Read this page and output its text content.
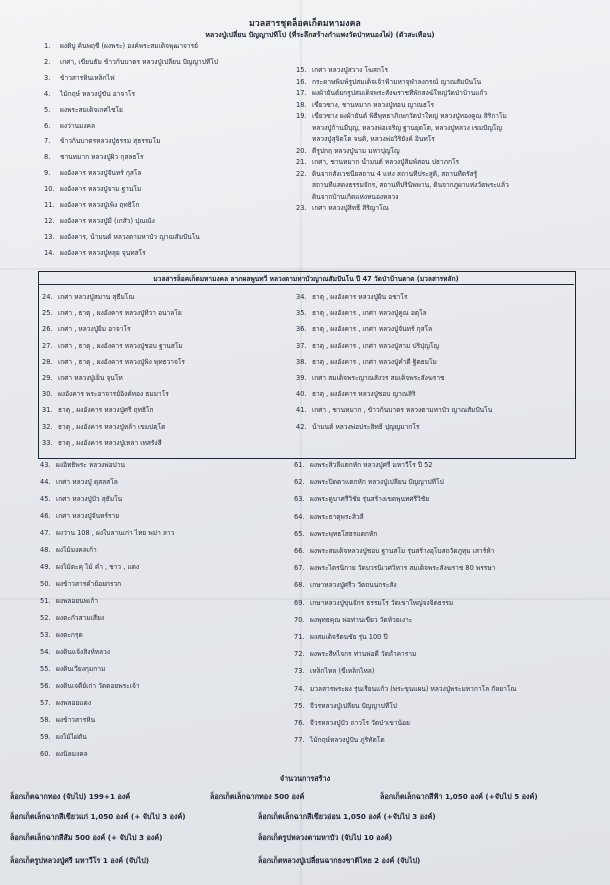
มวลสารชุดล็อคเก็ตมหามงคล
หลวงปู่เปลี่ยน ปัญญาปทีโป (ที่ระลึกสร้างกำแพงวัดป่าหนองไผ่) (ตัวสะเทือน)
1. ผงดิบู ค้นพฤชี (ผงพระ) องค์พระสมเด็จพุฒาจารย์
2. เกศา, เขียนธัม ข้าวก้นบาตร หลวงปู่เปลี่ยน ปัญญาปทีโป
3. ข้าวสารหินเหล็กไฟ
4. ไม้กฤษ์ หลวงปู่ขัน อาจาโร
5. ผงพระสมเด็จเกศไชโย
6. ผงว่านมงคล
7. ข้าวก้นบาตรหลวงปู่ธรรม สุธรรมโม
8. ชานหมาก หลวงปู่ผิว กุสลธโร
9. ผงอังคาร หลวงปู่จันทร์ กุสโล
10. ผงอังคาร หลวงปู่จาม ฐานโม
11. ผงอังคาร หลวงปู่เพ็ง ฤทธิโก
12. ผงอังคาร หลวงปู่มี (เกสัว) ปุณณัง
13. ผงอังคาร, น้ำมนต์ หลวงตามหาบัว ญาณสัมปันโน
14. ผงอังคาร หลวงปู่หลุย จุนทสโร
15. เกศา หลวงปู่สวาง โฆสกโร
16. กระดาษพิมพ์รูปสมเด็จเจ้าฟ้ามหาจุฬาลงกรณ์ ญาณสัมปันโน
17. ผงผ้ายันต์ยกรูปสมเด็จพระสังฆราชที่พักสงฆ์ใหญ่วัดป่าบ้านแก้ว
18. เขี้ยวซาง, ชานหมาก หลวงปู่ทอน ญาณธโร
19. เขี้ยวซาง ผงผ้ายันต์ พิธีพุทธาภิเษกวัดป่าใหญ่ หลวงปู่ทองคูณ สิริกาโม
หลวงปู่ก้านมีบุญ, หลวงพ่อเจริญ ฐานยุตโต, หลวงปู่หลวง เขมปัญโญ
หลวงปู่สุจิตโต จนดิ, หลวงพ่อวิริยังค์ อินทโร
20. ตีรูปกฤ หลวงปู่นาม มหาปุญโญ
21. เกศา, ชานหมาก น้ำมนต์ หลวงปู่สิมพ์สอน ปธาภกโร
22. ดินจากสังเวชนียสถาน 4 แห่ง สถานที่ประสูติ, สถานที่ตรัสรู้
สถานที่แสดงธรรมจักร, สถานที่ปรินิพพาน, ดินจากภูผาแห่งวัดพระแล้ว
ดินจากบ้านเกิดแห่งหนองหลวง
23. เกศา หลวงปู่สิทธิ์ สิริญาโณ
มวลสารล็อคเก็ตมหามงคล ลาภผลพูนทวี หลวงตามหาบัวญาณสัมปันโน ปี 47 วัดป่าบ้านตาด (มวลสารหลัก)
24. เกศา หลวงปู่สมาน สุธีมโณ
25. เกศา , ธาตุ , ผงอังคาร หลวงปู่ทิวา อนาลโย
26. เกศา , หลวงปู่ยิ้ม อาจาโร
27. เกศา , ธาตุ , ผงอังคาร หลวงปู่ชอบ ฐานสโม
28. เกศา , ธาตุ , ผงอังคาร หลวงปู่พิง พุทธวาจโร
29. เกศา หลวงปู่เย็น จุนโท
30. ผงอังคาร พระอาจารย์อิงค์ทอง ธมมาโร
31. ธาตุ , ผงอังคาร หลวงปู่ศรี ฤทธิโก
32. ธาตุ , ผงอังคาร หลวงปู่หล้า เขมปตฺโต
33. ธาตุ , ผงอังคาร หลวงปู่เหลา เทสรังสี
34. ธาตุ , ผงอังคาร หลวงปู่ฝั้น อชาโร
35. ธาตุ , ผงอังคาร , เกศา หลวงปู่คูณ อตุโล
36. ธาตุ , ผงอังคาร , เกศา หลวงปู่จันทร์ กุสโล
37. ธาตุ , ผงอังคาร , เกศา หลวงปู่สาม ปริปุญโญ
38. ธาตุ , ผงอังคาร , เกศา หลวงปู่คำดี ฐิตธมโม
39. เกศา สมเด็จพระญาณสังวร สมเด็จพระสังฆราช
40. ธาตุ , ผงอังคาร หลวงปู่ชอบ ญาณสิริ
41. เกศา , ชานหมาก , ข้าวก้นบาตร หลวงตามหาบัว ญาณสัมปันโน
42. น้ำมนต์ หลวงพ่อประสิทธิ์ ปุญญมากโร
43. ผงอิทธิพระ หลวงพ่อปาน
44. เกศา หลวงปู่ ดุสลสโล
45. เกศา หลวงปู่บัว สุธัมโน
46. เกศา หลวงปู่จันทร์ราย
47. ผงว่าน 108 , ผงใบลานเก่า ไทย พม่า ลาว
48. ผงไม้มงคลเก้า
49. ผงไม้ตะคุ ไม้ คำ , ชาว , แดง
50. ผงข้าวสารดำย้อยกรวก
51. ผงพลอยนพเก้า
52. ผงตะกั่วสามเสียง
53. ผงตะกรุด
54. ผงดินแจ้งสิงห์หลวง
55. ผงดินเวียงกุมกาม
56. ผงดินเจดีย์เก่า วัดดอยพระเจ้า
57. ผงพลอยแดง
58. ผงข้าวสารหิน
59. ผงไม้ไผ่ตัน
60. ผงนิลมงคล
61. ผงพระสิวลีแตกหัก หลวงปู่ศรี มหาวีโร ปี 52
62. ผงพระปิดตาแตกหัก หลวงปู่เปลี่ยน ปัญญาปทีโป
63. ผงพระดูบาศรีวิชัย รุ่นสร้างเขตพุนทศรีวิชัย
64. ผงพระธาตุพระสิวลี
65. ผงพระพุทธโสธรแตกหัก
66. ผงพระสมเด็จหลวงปู่ชอบ ฐานสโม รุ่นสร้างอุโบสถวัดภูทุม เสาร์ห้า
67. ผงพระไตรนิกาย วัดบวรนิเวศวิหาร สมเด็จพระสังฆราช 80 พรรษา
68. เกษาหลวงปู่ศรีว วัดถนนกระสัง
69. เกษาหลวงปู่ขุนจักร ธรรมโร วัดเขาใหญ่จงจิตธรรม
70. ผงพุทธคุณ พ่อท่านเขียว วัดห้วยเงาะ
71. ผงสมเด็จรัตนชัย รุ่น 100 ปี
72. ผงพระสีหไจกร ท่านพ่อดี วัดถ้ำคาราม
73. เหล็กไหล (ขี้เหล็กไหล)
74. มวลสารพระผง รุ่นเรียนแก้ว (พระขุนแผน) หลวงปู่พระมหากาโล กัลยาโณ
75. จีวรหลวงปู่เปลี่ยน ปัญญาปทีโป
76. จีวรหลวงปู่บัว ถาวโร วัดป่าเขาน้อย
77. ไม้กฤษ์หลวงปู่ปั่น ภูริทัตโต
จำนวนการสร้าง
ล็อกเก็ตฉากทอง (จับไป) 199+1 องค์	ล็อกเก็ตเล็กฉากทอง 500 องค์	ล็อกเก็ตเล็กฉากสีฟ้า 1,050 องค์ (+จับไป 5 องค์)
ล็อกเก็ตเล็กฉากสีเขียวแก่ 1,050 องค์ (+ จับไป 3 องค์)	ล็อกเก็ตเล็กฉากสีเขียวอ่อน 1,050 องค์ (+จับไป 3 องค์)
ล็อกเก็ตเล็กฉากสีส้ม 500 องค์ (+ จับไป 3 องค์)	ล็อกเก็ตรูปหลวงตามหาบัว (จับไป 10 องค์)
ล็อกเก็ตรูปหลวงปู่ศรี มหาวีโร 1 องค์ (จับไป)	ล็อกเก็ตหลวงปู่เปลี่ยนฉากธงชาติไทย 2 องค์ (จับไป)
